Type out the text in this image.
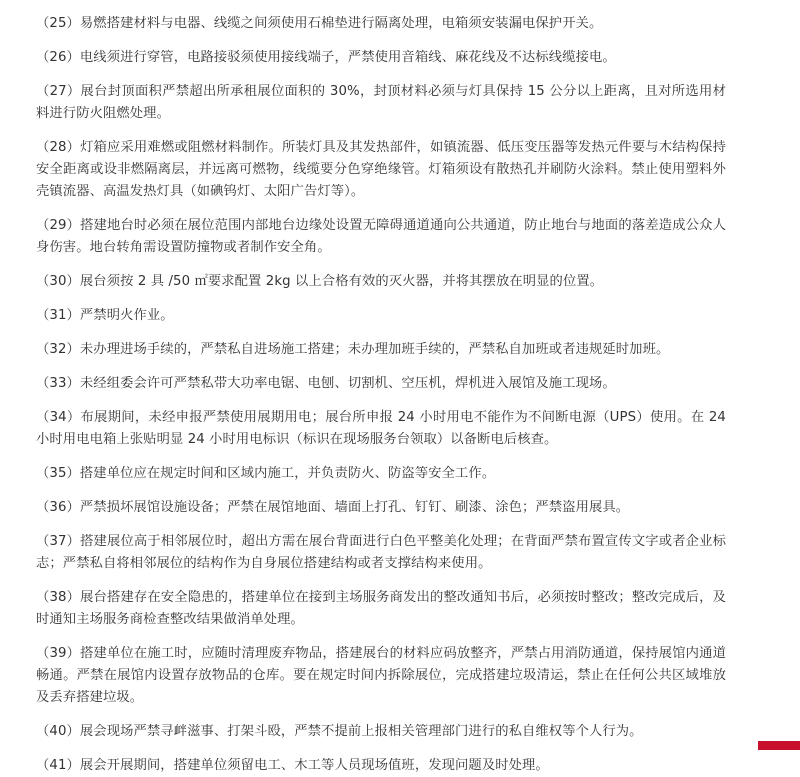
（25）易燃搭建材料与电器、线缆之间须使用石棉垫进行隔离处理，电箱须安装漏电保护开关。

（26）电线须进行穿管，电路接驳须使用接线端子，严禁使用音箱线、麻花线及不达标线缆接电。

（27）展台封顶面积严禁超出所承租展位面积的 30%，封顶材料必须与灯具保持 15 公分以上距离，且对所选用材料进行防火阻燃处理。

（28）灯箱应采用难燃或阻燃材料制作。所装灯具及其发热部件，如镇流器、低压变压器等发热元件要与木结构保持安全距离或设非燃隔离层，并远离可燃物，线缆要分色穿绝缘管。灯箱须设有散热孔并刷防火涂料。禁止使用塑料外壳镇流器、高温发热灯具（如碘钨灯、太阳广告灯等）。

（29）搭建地台时必须在展位范围内部地台边缘处设置无障碍通道通向公共通道，防止地台与地面的落差造成公众人身伤害。地台转角需设置防撞物或者制作安全角。

（30）展台须按 2 具 /50 ㎡要求配置 2kg 以上合格有效的灭火器，并将其摆放在明显的位置。

（31）严禁明火作业。

（32）未办理进场手续的，严禁私自进场施工搭建；未办理加班手续的，严禁私自加班或者违规延时加班。

（33）未经组委会许可严禁私带大功率电锯、电刨、切割机、空压机，焊机进入展馆及施工现场。

（34）布展期间，未经申报严禁使用展期用电；展台所申报 24 小时用电不能作为不间断电源（UPS）使用。在 24 小时用电电箱上张贴明显 24 小时用电标识（标识在现场服务台领取）以备断电后核查。

（35）搭建单位应在规定时间和区域内施工，并负责防火、防盗等安全工作。

（36）严禁损坏展馆设施设备；严禁在展馆地面、墙面上打孔、钉钉、刷漆、涂色；严禁盗用展具。

（37）搭建展位高于相邻展位时，超出方需在展台背面进行白色平整美化处理；在背面严禁布置宣传文字或者企业标志；严禁私自将相邻展位的结构作为自身展位搭建结构或者支撑结构来使用。

（38）展台搭建存在安全隐患的，搭建单位在接到主场服务商发出的整改通知书后，必须按时整改；整改完成后，及时通知主场服务商检查整改结果做消单处理。

（39）搭建单位在施工时，应随时清理废弃物品，搭建展台的材料应码放整齐，严禁占用消防通道，保持展馆内通道畅通。严禁在展馆内设置存放物品的仓库。要在规定时间内拆除展位，完成搭建垃圾清运，禁止在任何公共区域堆放及丢弃搭建垃圾。

（40）展会现场严禁寻衅滋事、打架斗殴，严禁不提前上报相关管理部门进行的私自维权等个人行为。

（41）展会开展期间，搭建单位须留电工、木工等人员现场值班，发现问题及时处理。
